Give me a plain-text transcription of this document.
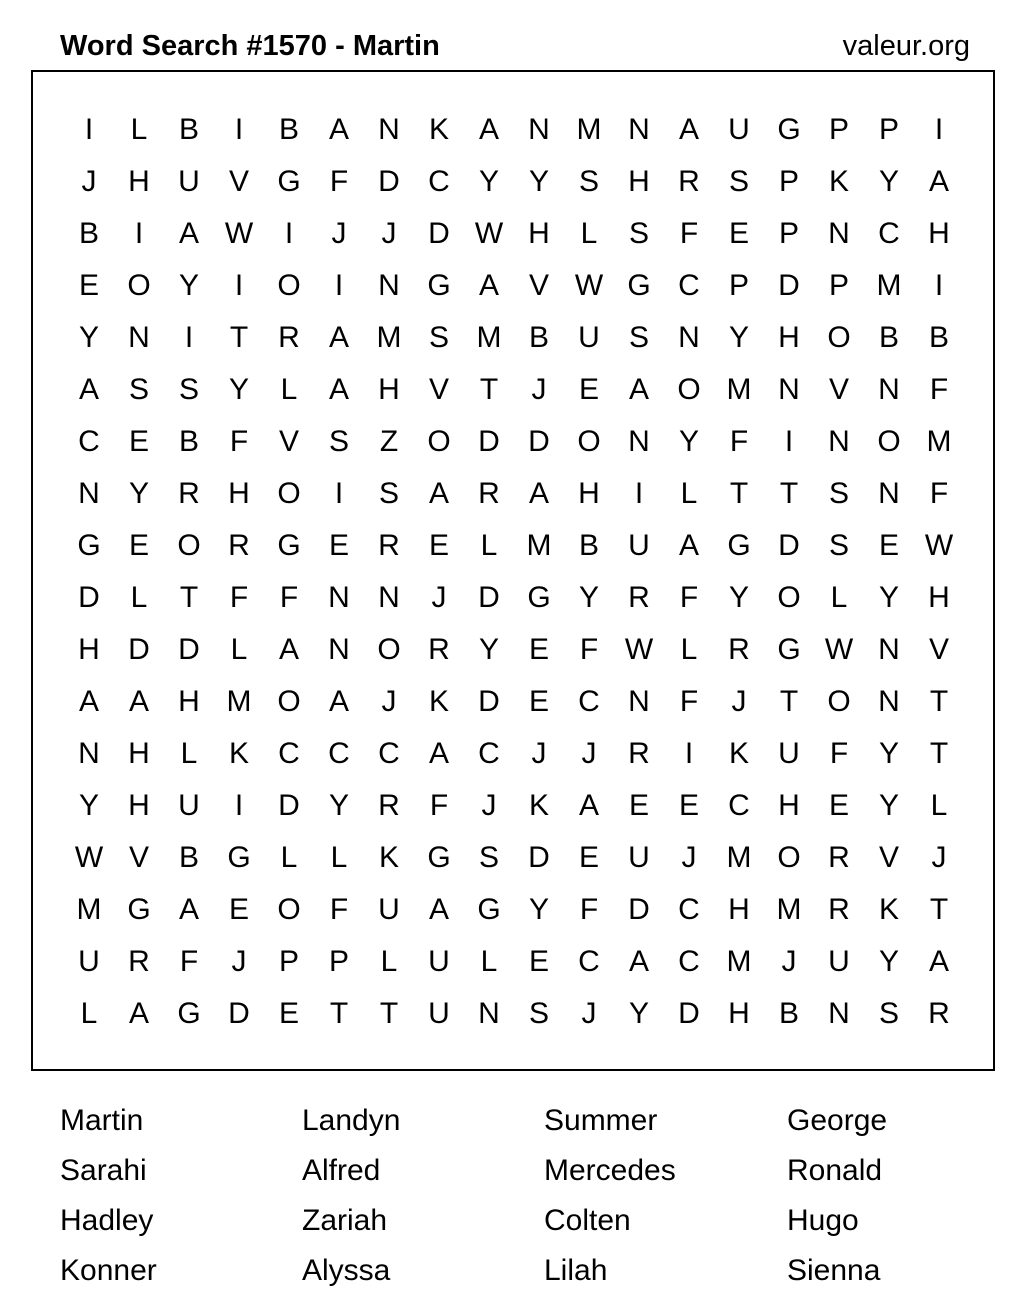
Word Search #1570 - Martin	valeur.org
I	L	B	I	B A N K A N M N A U G P P	I
J	H U V G F	D C Y Y S H R S P K Y A
B	I	A W	I	J	J	D W H	L	S	F	E P N C H
E O Y	I	O	I	N G A V W G C P D P M	I
Y N	I	T	R A M S M B U S N Y H O B B
A S S Y	L	A H V	T	J	E A O M N V N	F
C E B	F	V S	Z O D D O N Y	F	I	N O M
N Y R H O	I	S A R A H	I	L	T	T	S N	F
G E O R G E R E	L M B U A G D S E W
D	L	T	F	F	N N	J	D G Y R	F	Y O L	Y H
H D D	L	A N O R Y E	F W L	R G W N V
A A H M O A	J	K D E C N	F	J	T O N	T
N H	L	K C C C A C	J	J	R	I	K U	F	Y	T
Y H U	I	D Y R	F	J	K A E E C H E Y	L
W V B G L	L	K G S D E U	J	M O R V	J
M G A E O F	U A G Y	F	D C H M R K	T
U R	F	J	P P	L	U	L	E C A C M	J	U Y A
L	A G D E	T	T	U N S	J	Y D H B N S R
Martin	Landyn	Summer	George
Sarahi	Alfred	Mercedes	Ronald
Hadley	Zariah	Colten	Hugo
Konner	Alyssa	Lilah	Sienna
